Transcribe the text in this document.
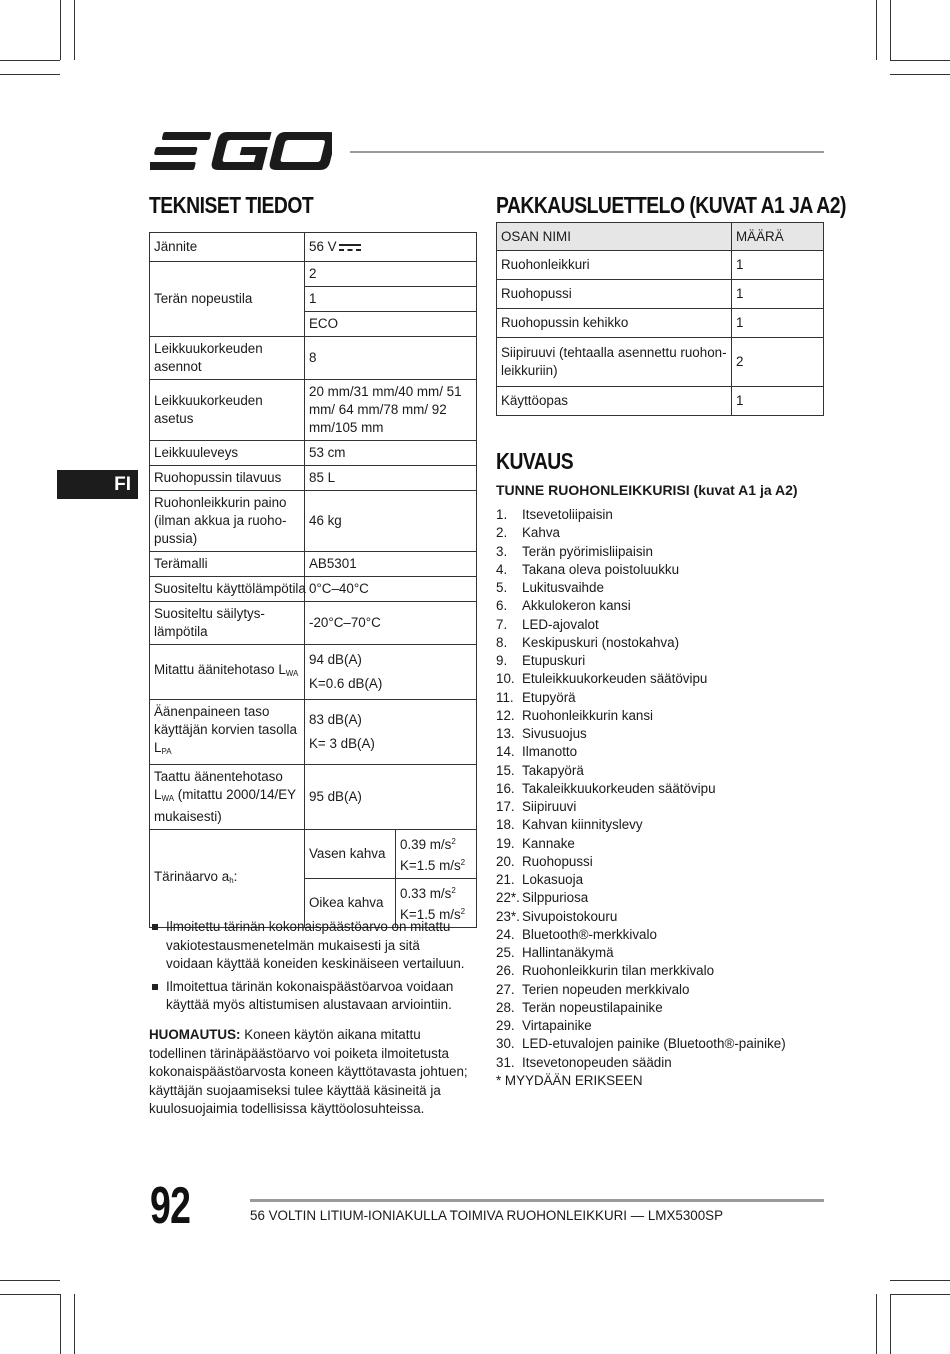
FI
TEKNISET TIEDOT
Jännite	56 V	
Terän nopeustila	2	
	1	
	ECO	
Leikkuukorkeuden asennot	8	
Leikkuukorkeuden asetus	20 mm/31 mm/40 mm/ 51 mm/ 64 mm/78 mm/ 92 mm/105 mm	
Leikkuuleveys	53 cm	
Ruohopussin tilavuus	85 L	
Ruohonleikkurin paino (ilman akkua ja ruoho-pussia)	46 kg	
Terämalli	AB5301	
Suositeltu käyttölämpötila	0°C–40°C	
Suositeltu säilytys-lämpötila	-20°C–70°C	
Mitattu äänitehotaso $L_{WA}$	94 dB(A)
K=0.6 dB(A)	

Äänenpaineen taso käyttäjän korvien tasolla $L_{PA}$	83 dB(A)
K= 3 dB(A)	

Taattu äänentehotaso $L_{WA}$ (mitattu 2000/14/EY mukaisesti)	95 dB(A)	
Tärinäarvo $a_h$:	Vasen kahva	0.39 $m/s^2$
K=1.5 $m/s^2$

	Oikea kahva	0.33 $m/s^2$
K=1.5 $m/s^2$
Ilmoitettu tärinän kokonaispäästöarvo on mitattu vakiotestausmenetelmän mukaisesti ja sitä voidaan käyttää koneiden keskinäiseen vertailuun.
Ilmoitettua tärinän kokonaispäästöarvoa voidaan käyttää myös altistumisen alustavaan arviointiin.
HUOMAUTUS: Koneen käytön aikana mitattu todellinen tärinäpäästöarvo voi poiketa ilmoitetusta kokonaispäästöarvosta koneen käyttötavasta johtuen; käyttäjän suojaamiseksi tulee käyttää käsineitä ja kuulosuojaimia todellisissa käyttöolosuhteissa.
PAKKAUSLUETTELO (KUVAT A1 JA A2)
OSAN NIMI	MÄÄRÄ
Ruohonleikkuri	1
Ruohopussi	1
Ruohopussin kehikko	1
Siipiruuvi (tehtaalla asennettu ruohon-leikkuriin)	2
Käyttöopas	1
KUVAUS
TUNNE RUOHONLEIKKURISI (kuvat A1 ja A2)
1. Itsevetoliipaisin
2. Kahva
3. Terän pyörimisliipaisin
4. Takana oleva poistoluukku
5. Lukitusvaihde
6. Akkulokeron kansi
7. LED-ajovalot
8. Keskipuskuri (nostokahva)
9. Etupuskuri
10. Etuleikkuukorkeuden säätövipu
11. Etupyörä
12. Ruohonleikkurin kansi
13. Sivusuojus
14. Ilmanotto
15. Takapyörä
16. Takaleikkuukorkeuden säätövipu
17. Siipiruuvi
18. Kahvan kiinnityslevy
19. Kannake
20. Ruohopussi
21. Lokasuoja
22*. Silppuriosa
23*. Sivupoistokouru
24. Bluetooth®-merkkivalo
25. Hallintanäkymä
26. Ruohonleikkurin tilan merkkivalo
27. Terien nopeuden merkkivalo
28. Terän nopeustilapainike
29. Virtapainike
30. LED-etuvalojen painike (Bluetooth®-painike)
31. Itsevetonopeuden säädin
* MYYDÄÄN ERIKSEEN
92	56 VOLTIN LITIUM-IONIAKULLA TOIMIVA RUOHONLEIKKURI — LMX5300SP
